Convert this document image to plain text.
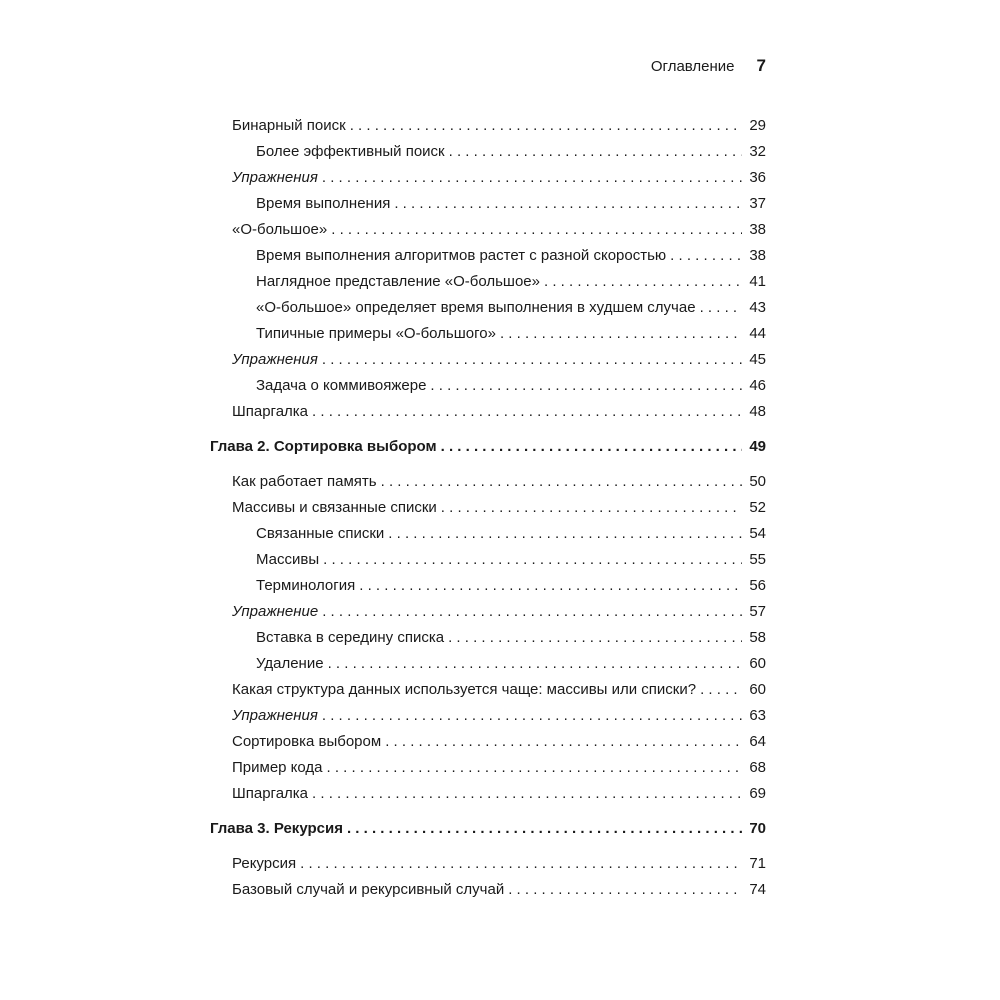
Оглавление 7
Бинарный поиск . . .	29
Более эффективный поиск . . .	32
Упражнения . . .	36
Время выполнения . . .	37
«О-большое» . . .	38
Время выполнения алгоритмов растет с разной скоростью . . .	38
Наглядное представление «О-большое» . . .	41
«О-большое» определяет время выполнения в худшем случае . . .	43
Типичные примеры «О-большого» . . .	44
Упражнения . . .	45
Задача о коммивояжере . . .	46
Шпаргалка . . .	48
Глава 2. Сортировка выбором . . .	49
Как работает память . . .	50
Массивы и связанные списки . . .	52
Связанные списки . . .	54
Массивы . . .	55
Терминология . . .	56
Упражнение . . .	57
Вставка в середину списка . . .	58
Удаление . . .	60
Какая структура данных используется чаще: массивы или списки? . . .	60
Упражнения . . .	63
Сортировка выбором . . .	64
Пример кода . . .	68
Шпаргалка . . .	69
Глава 3. Рекурсия . . .	70
Рекурсия . . .	71
Базовый случай и рекурсивный случай . . .	74
